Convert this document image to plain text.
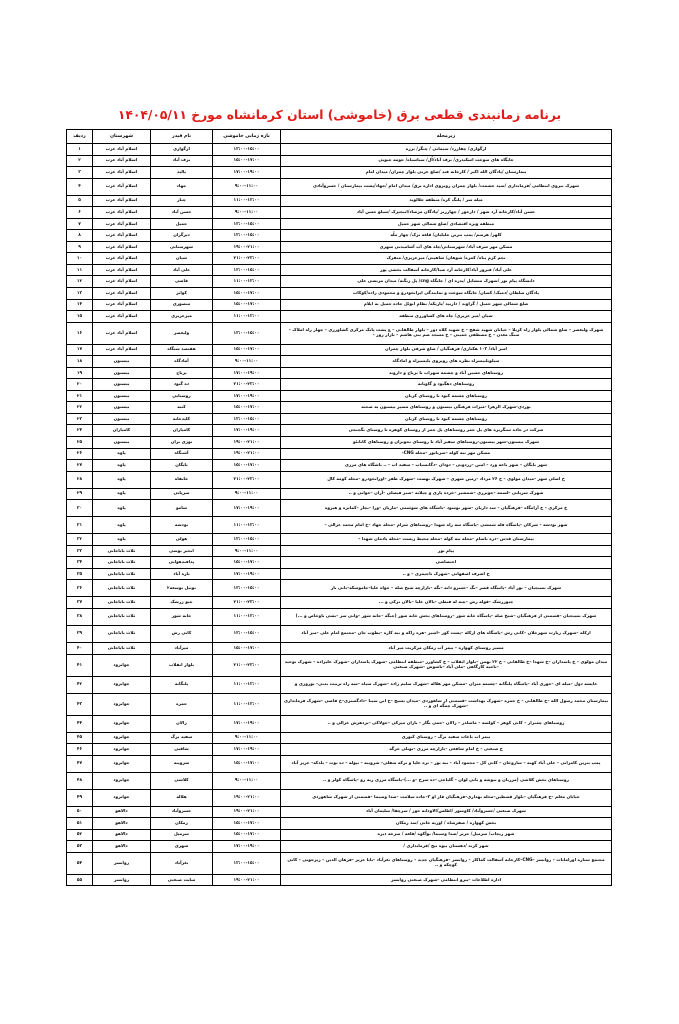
برنامه زمانبندی قطعی برق (خاموشی) استان کرمانشاه مورخ ۱۴۰۴/۰۵/۱۱
زیرمحله	بازه زمانی خاموشی	نام فیدر	شهرستان	ردیف
ارگوازی/ چقازرد/ سیمانی / چنگر/ برزه	۱۳:۰۰-۱۵:۰۰	ارگوازی	اسلام آباد غرب	۱
جایگاه های سوخت اسکندری/ برف آباد/اُل/ سیاسیاه/ حومه جنوبی	۱۵:۰۰-۱۷:۰۰	برف آباد	اسلام آباد غرب	۲
بیمارستان /پادگان الله اکبر / کارخانه قند /ضلع غربی بلوار چمران/ میدان امام	۱۷:۰۰-۱۹:۰۰	پالیذ	اسلام آباد غرب	۳
شهرک نیروی انتظامی /فرمانداری /سید حشمت/ بلوار چمران روبروی اداره برق/ میدان امام /جهاد/پشت بیمارستان / خسروآبادی	۹:۰۰-۱۱:۰۰	جهاد	اسلام آباد غرب	۴
میله سر / پلنگ کره/ منطقه جلالوند	۱۱:۰۰-۱۳:۰۰	چنار	اسلام آباد غرب	۵
حسن آباد/کارخانه آرد شهر / دارخور / چهارزبر /پادگان مرصاد/انبجیرک /سیلو حسن آباد	۹:۰۰-۱۱:۰۰	حسن آباد	اسلام آباد غرب	۶
منطقه ویژه اقتصادی /ضلع شمالی شهر حمیل	۱۳:۰۰-۱۵:۰۰	حمیل	اسلام آباد غرب	۷
کلهر/ هرسم/ پمپ بنزین جلیلیان/ قلعه ترک/ چهار ملّه	۱۳:۰۰-۱۵:۰۰	دیزگران	اسلام آباد غرب	۸
مسکن مهر شرف آباد/ شهرستانی/چاه های آب آشامیدنی شهری	۱۹:۰۰-۲۱:۰۰	شهرستانی	اسلام آباد غرب	۹
نجم کرم پناه/ کمره/ شوهان/ شاهینی/ میرعزیزی/ متفرک	۲۱:۰۰-۲۳:۰۰	شیان	اسلام آباد غرب	۱۰
علی آباد/ فیروز آباد/کارخانه آرد صبا/کارخانه آسفالت بخشی پور	۱۳:۰۰-۱۵:۰۰	علی آباد	اسلام آباد غرب	۱۱
دانشگاه پیام نور /شهرک متشابل /پدره ای / جایگاه cng/ پل زنگنه/ میدان مرتضی علی	۱۱:۰۰-۱۳:۰۰	قاضی	اسلام آباد غرب	۱۲
پادگان سلطان /دمبک/ کسان/ جایگاه سوخت و نمایندگی ایرانخودرو و محمودی زاده/کوکاب	۱۵:۰۰-۱۷:۰۰	کوانر	اسلام آباد غرب	۱۳
ضلع شمالی شهر حمیل / گراوند / داربید /باریکه/ نظام انوئل جاده حمیل به ایلام	۱۵:۰۰-۱۷:۰۰	منصوری	اسلام آباد غرب	۱۴
شیان /میر عزیزی/ چاه های کشاورزی منطقه	۱۱:۰۰-۱۳:۰۰	میرعزیزی	اسلام آباد غرب	۱۵
شهرک ولیعصر – ضلع شمالی بلوار راه کربلا – خیابان شهید شفج – خ شهید کلاه دوز – بلوار طالقانی – ع پشت بانک مرکزی کشاورزی – چهار راه املاک – سنگ معدن – خ مصطفی خمینی – خ مسجد ضم بنی هاشم – بازار روز –	۱۳:۰۰-۱۵:۰۰	ولیعصر	اسلام آباد غرب	۱۶
امیر آباد/ ۱۰۳ هکتاری/ فرهنگیان / ضلع شرقی بلوار چمران	۱۵:۰۰-۱۷:۰۰	هفتصد ستگاه	اسلام آباد غرب	۱۷
سیلوبلبیسراه نظره های روبروی بلیسیراه و امادگاه	۹:۰۰-۱۱:۰۰	آمادگاه	بیستون	۱۸
روستاهای حسین آباد و چشمه سهراب تا برناج و داروند	۱۷:۰۰-۱۹:۰۰	برناج	بیستون	۱۹
روستاهای دهگبود و گاوبانه	۲۱:۰۰-۲۳:۰۰	ده گبود	بیستون	۲۰
روستاهای چشمه کبود تا روستای کربان	۱۷:۰۰-۱۹:۰۰	روستایی	بیستون	۲۱
نوردی-شهرک الزهرا -میراث فرهنگی بیستون و روستاهای مسیر بیستون به صحنه	۱۵:۰۰-۱۷:۰۰	کتبه	بیستون	۲۲
روستاهای چشمه کبود تا روستای کربان	۱۳:۰۰-۱۵:۰۰	کلیدخانه	بیستون	۲۳
شرکت در جاده سنگریزه های پل جمر روستاهای پل جمر از روستای کوهره تا روستای بگجنجی	۱۷:۰۰-۱۹:۰۰	کامیاران	کامیاران	۲۴
شهرک بیستون-شهر بیستون-روستاهای سفیر آباد تا روستای نجونران و روستاهای کانانئو	۱۹:۰۰-۲۱:۰۰	نوژی نران	بیستون	۲۵
مسکن مهر نبه کوله –سربابور –محله CNG-	۱۹:۰۰-۲۱:۰۰	آشنگاه	پاوه	۲۶
شهر بایگان – شهر باغه ورد – امین –زردویی – دودان –دگانسیاب – سفید اب – .. باشگاه های مرزی	۱۵:۰۰-۱۷:۰۰	بایگان	پاوه	۲۷
خ اصلی شهر –میدان مولوی – خ ۲۶ مرداد –زمین شهری – شهرک نهضت –شهرک ظفر –اورانخودرو –محله کومه کال	۲۱:۰۰-۲۳:۰۰	خانقاه	پاوه	۲۸
شهرک سرپانی –لسمه –جوبرزی –شمشیر –خرده یاری و چیلانه –صبر فیصلی –آران –خوانی و ..	۹:۰۰-۱۱:۰۰	سرپانی	پاوه	۲۹
خ مرکزی – خ آرامگاه –فرهنگیان – سد داریان –شهر نوسود –باشگاه های شوشمی –ماریان –ورا –نجار –کماتره و هیروه	۱۷:۰۰-۱۹:۰۰	شامو	پاوه	۳۰
شهر نودشه – شرکان –پاسگاه قله شمشی –پاسگاه سه راه شهدا –روستاهای شرام –محله جهاد –خ امام محمد غزالی –	۱۱:۰۰-۱۳:۰۰	نودشه	پاوه	۳۱
بیمارستان قدس –دره باسام –محله نبه کوله –محله محیط زیست –محله یادمان شهدا –	۱۳:۰۰-۱۵:۰۰	هولی	پاوه	۳۲
پیام نور	۹:۰۰-۱۱:۰۰	انجیر بوسی	ثلاث باباجانی	۳۳
اختصاصی	۱۵:۰۰-۱۷:۰۰	پدافندهوایی	ثلاث باباجانی	۳۴
خ اشرف اصفهانی –شهرک تاجیمری – و ..	۱۷:۰۰-۱۹:۰۰	تازه آباد	ثلاث باباجانی	۳۵
شهرک بسیجیان – نور آباد –پاسگاه قصر –نگ –خسرو دانه –نگه –بازارچه شیخ صله – خواه علیا–جاموسکه–بانی نار	۱۳:۰۰-۱۵:۰۰	توتیل توسعه۲	ثلاث باباجانی	۳۶
جبوزرشک –قوله رش –چنه له فنطی –بالان علیا –بالان ترکی و ...	۲۱:۰۰-۲۳:۰۰	جبو زرشک	ثلاث باباجانی	۳۷
شهرک بسیجیان –قسمتی از فرهنگیان –شیخ صله –پاسگاه خانه شور –روستاهای بخش خانه شور (جنگه –خانه شور –وانی سر –بشی ناوخاص و ...)	۱۱:۰۰-۱۳:۰۰	خانه شور	ثلاث باباجانی	۳۸
ازکله –شهرک زیارت شهرخلان –کانی رش –پاسگاه های ازکله –پشت کور –اسیر –هره زاکه و نبه کاره –بطوب جان –مجتمع امام علی –میر آباد	۱۳:۰۰-۱۵:۰۰	کانی رش	ثلاث باباجانی	۳۹
مسیر روستای کهواره – بیمز آب زمکان مرکزیت میر آباد	۱۵:۰۰-۱۷:۰۰	میرآباد	ثلاث باباجانی	۴۰
میدان مولوی – خ پاسداران –خ شهدا –خ طالقانی – خ ۲۲ بهمن –بلوار انقلاب – خ کشاورز –منطقه انتظامی –شهرک پاسداران –شهرک علیزاده – شهرک توحید –ناحیه کارگاهی –ملی آباد –باشوش –شهرک صنعتی	۲۱:۰۰-۲۳:۰۰	بلوار انقلاب	جوانرود	۴۱
عایشه دول –میله ای –حوری آباد –پاسگاه پلنگانه –چشمه میران –مسکن مهر هلاله –شهرک سلیم زاده –شهرک سیاه –سه راه تربیت بدنی– نوروزی و	۱۱:۰۰-۱۳:۰۰	پلنگانه	جوانرود	۴۲
بیمارستان محمد رسول الله –خ طالقانی – خ حمزه –شهرک بهداشت –قسمتی از شاهوردی –میدان بسیج –خ ابن سینا –دادگستری–خ قاضی –شهرک فرمانداری –شهرک چمگه ای و ..	۱۱:۰۰-۱۳:۰۰	حمزه	جوانرود	۴۳
روستاهای چمنزار – کانی کوهر – کولسه – ماسلدر – زالان –جمی نگار – بازان میرکی –خولاکی –بردهرش غزالی و ..	۱۷:۰۰-۱۹:۰۰	زالان	جوانرود	۴۴
بیمز اب باغات سفید برگ – روستای کبوری	۹:۰۰-۱۱:۰۰	سفید برگ	جوانرود	۴۵
خ صنعتی – خ امام شافعی –بازارچه مرزی –تونلی خرگه	۱۷:۰۰-۱۹:۰۰	شاقبی	جوانرود	۴۶
پمپ بنزین کامرانی – علی آباد کهنه – ساروخان – کانی کل – محمود آباد – نبه بور – تره علیا و ترکه سفلی– شروینه – نیوله – ده توت – بلدکه– عزیز آباد	۱۵:۰۰-۱۷:۰۰	شروینه	جوانرود	۴۷
روستاهای بخش کلاشی (مرزبان و نیوشه و بانی لوان – گلباخی –ده سرخ –و ...)–پاسگاه مرزی ربه رو –پاسگاه کولر و ..	۹:۰۰-۱۱:۰۰	کلاشی	جوانرود	۴۸
خیابان معلم –خ فرهنگیان –بلوار قسطین–محله بهداری–فرهنگیان فاز او ۳–جاده سلامت –صدا وسیما –قسمتی از شهرک شاهوردی	۱۹:۰۰-۲۱:۰۰	هلاله	جوانرود	۴۹
شهرک صنعتی /خسروآباد/ کاوسور /اطلس/الاودانه خور / سرچقا/ سلیمان آباد	۱۹:۰۰-۲۱:۰۰	خسروآباد	دالاهو	۵۰
بخش کهواره / صفرشاه / اوریه خانی /سد زمکان	۱۵:۰۰-۱۷:۰۰	زمکان	دالاهو	۵۱
شهر ریجاب/ سرمیل/ حریر /صدا وسیما/ بوآکوه /قلعه / سرخه دیزه	۱۵:۰۰-۱۷:۰۰	سرمیل	دالاهو	۵۲
شهر کرند /دهستان بیوه نیج /فرمانداری /	۱۷:۰۰-۱۹:۰۰	شهری	دالاهو	۵۳
مجتمع ستاره اورامانات – روانسر –CNG–کارخانه آسفالت کماکار – روانسر –فرهنگیان جدید – روستاهای بغرآباد –بابا عزیز –فرهان الدین – زیرجوبی – کانی کوچکه و ..	۱۳:۰۰-۱۵:۰۰	بغرآباد	روانسر	۵۴
اداره اطلاعات –نیرو انتظامی –شهرک صنعتی روانسر	۱۹:۰۰-۲۱:۰۰	سایت صنعتی	روانسر	۵۵
